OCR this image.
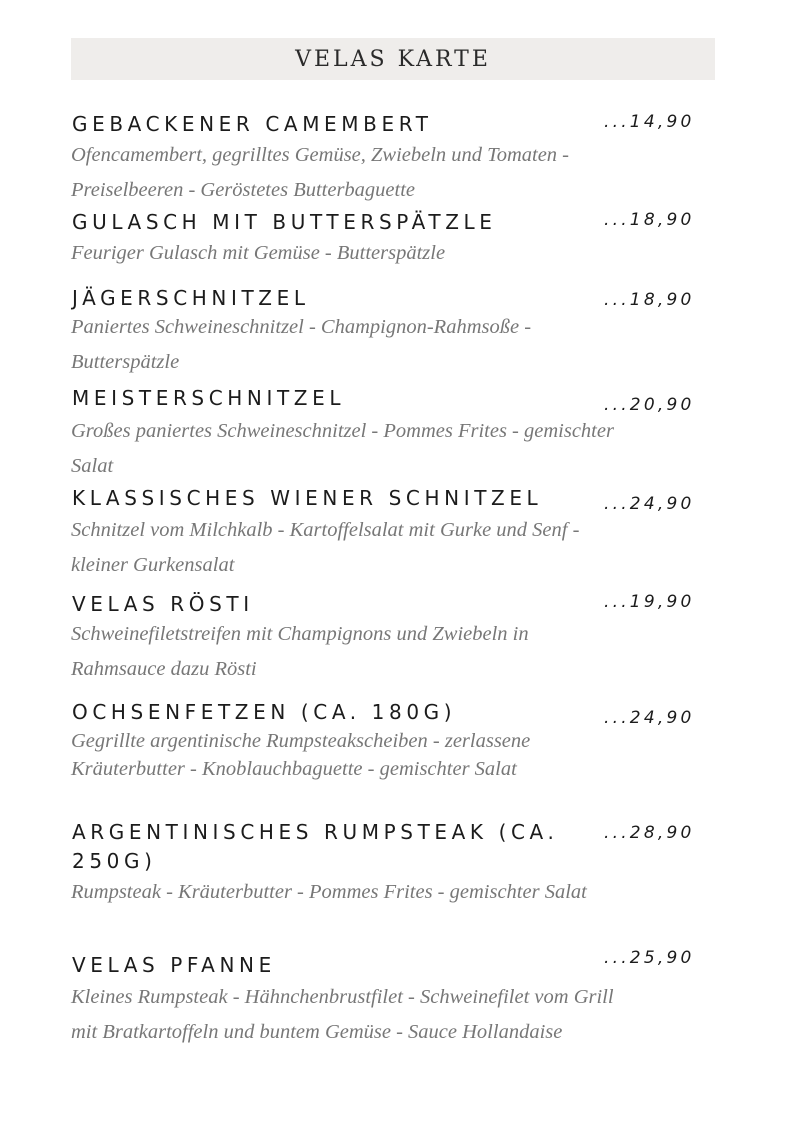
VELAS KARTE
GEBACKENER CAMEMBERT	...14,90
Ofencamembert, gegrilltes Gemüse, Zwiebeln und Tomaten - Preiselbeeren - Geröstetes Butterbaguette
GULASCH MIT BUTTERSPÄTZLE	...18,90
Feuriger Gulasch mit Gemüse - Butterspätzle
JÄGERSCHNITZEL	...18,90
Paniertes Schweineschnitzel - Champignon-Rahmsoße - Butterspätzle
MEISTERSCHNITZEL	...20,90
Großes paniertes Schweineschnitzel - Pommes Frites - gemischter Salat
KLASSISCHES WIENER SCHNITZEL	...24,90
Schnitzel vom Milchkalb - Kartoffelsalat mit Gurke und Senf - kleiner Gurkensalat
VELAS RÖSTI	...19,90
Schweinefiletstreifen mit Champignons und Zwiebeln in Rahmsauce dazu Rösti
OCHSENFETZEN (CA. 180G)	...24,90
Gegrillte argentinische Rumpsteakscheiben - zerlassene Kräuterbutter - Knoblauchbaguette - gemischter Salat
ARGENTINISCHES RUMPSTEAK (CA. 250G)
...28,90
Rumpsteak - Kräuterbutter - Pommes Frites - gemischter Salat
VELAS PFANNE	...25,90
Kleines Rumpsteak - Hähnchenbrustfilet - Schweinefilet vom Grill mit Bratkartoffeln und buntem Gemüse - Sauce Hollandaise
